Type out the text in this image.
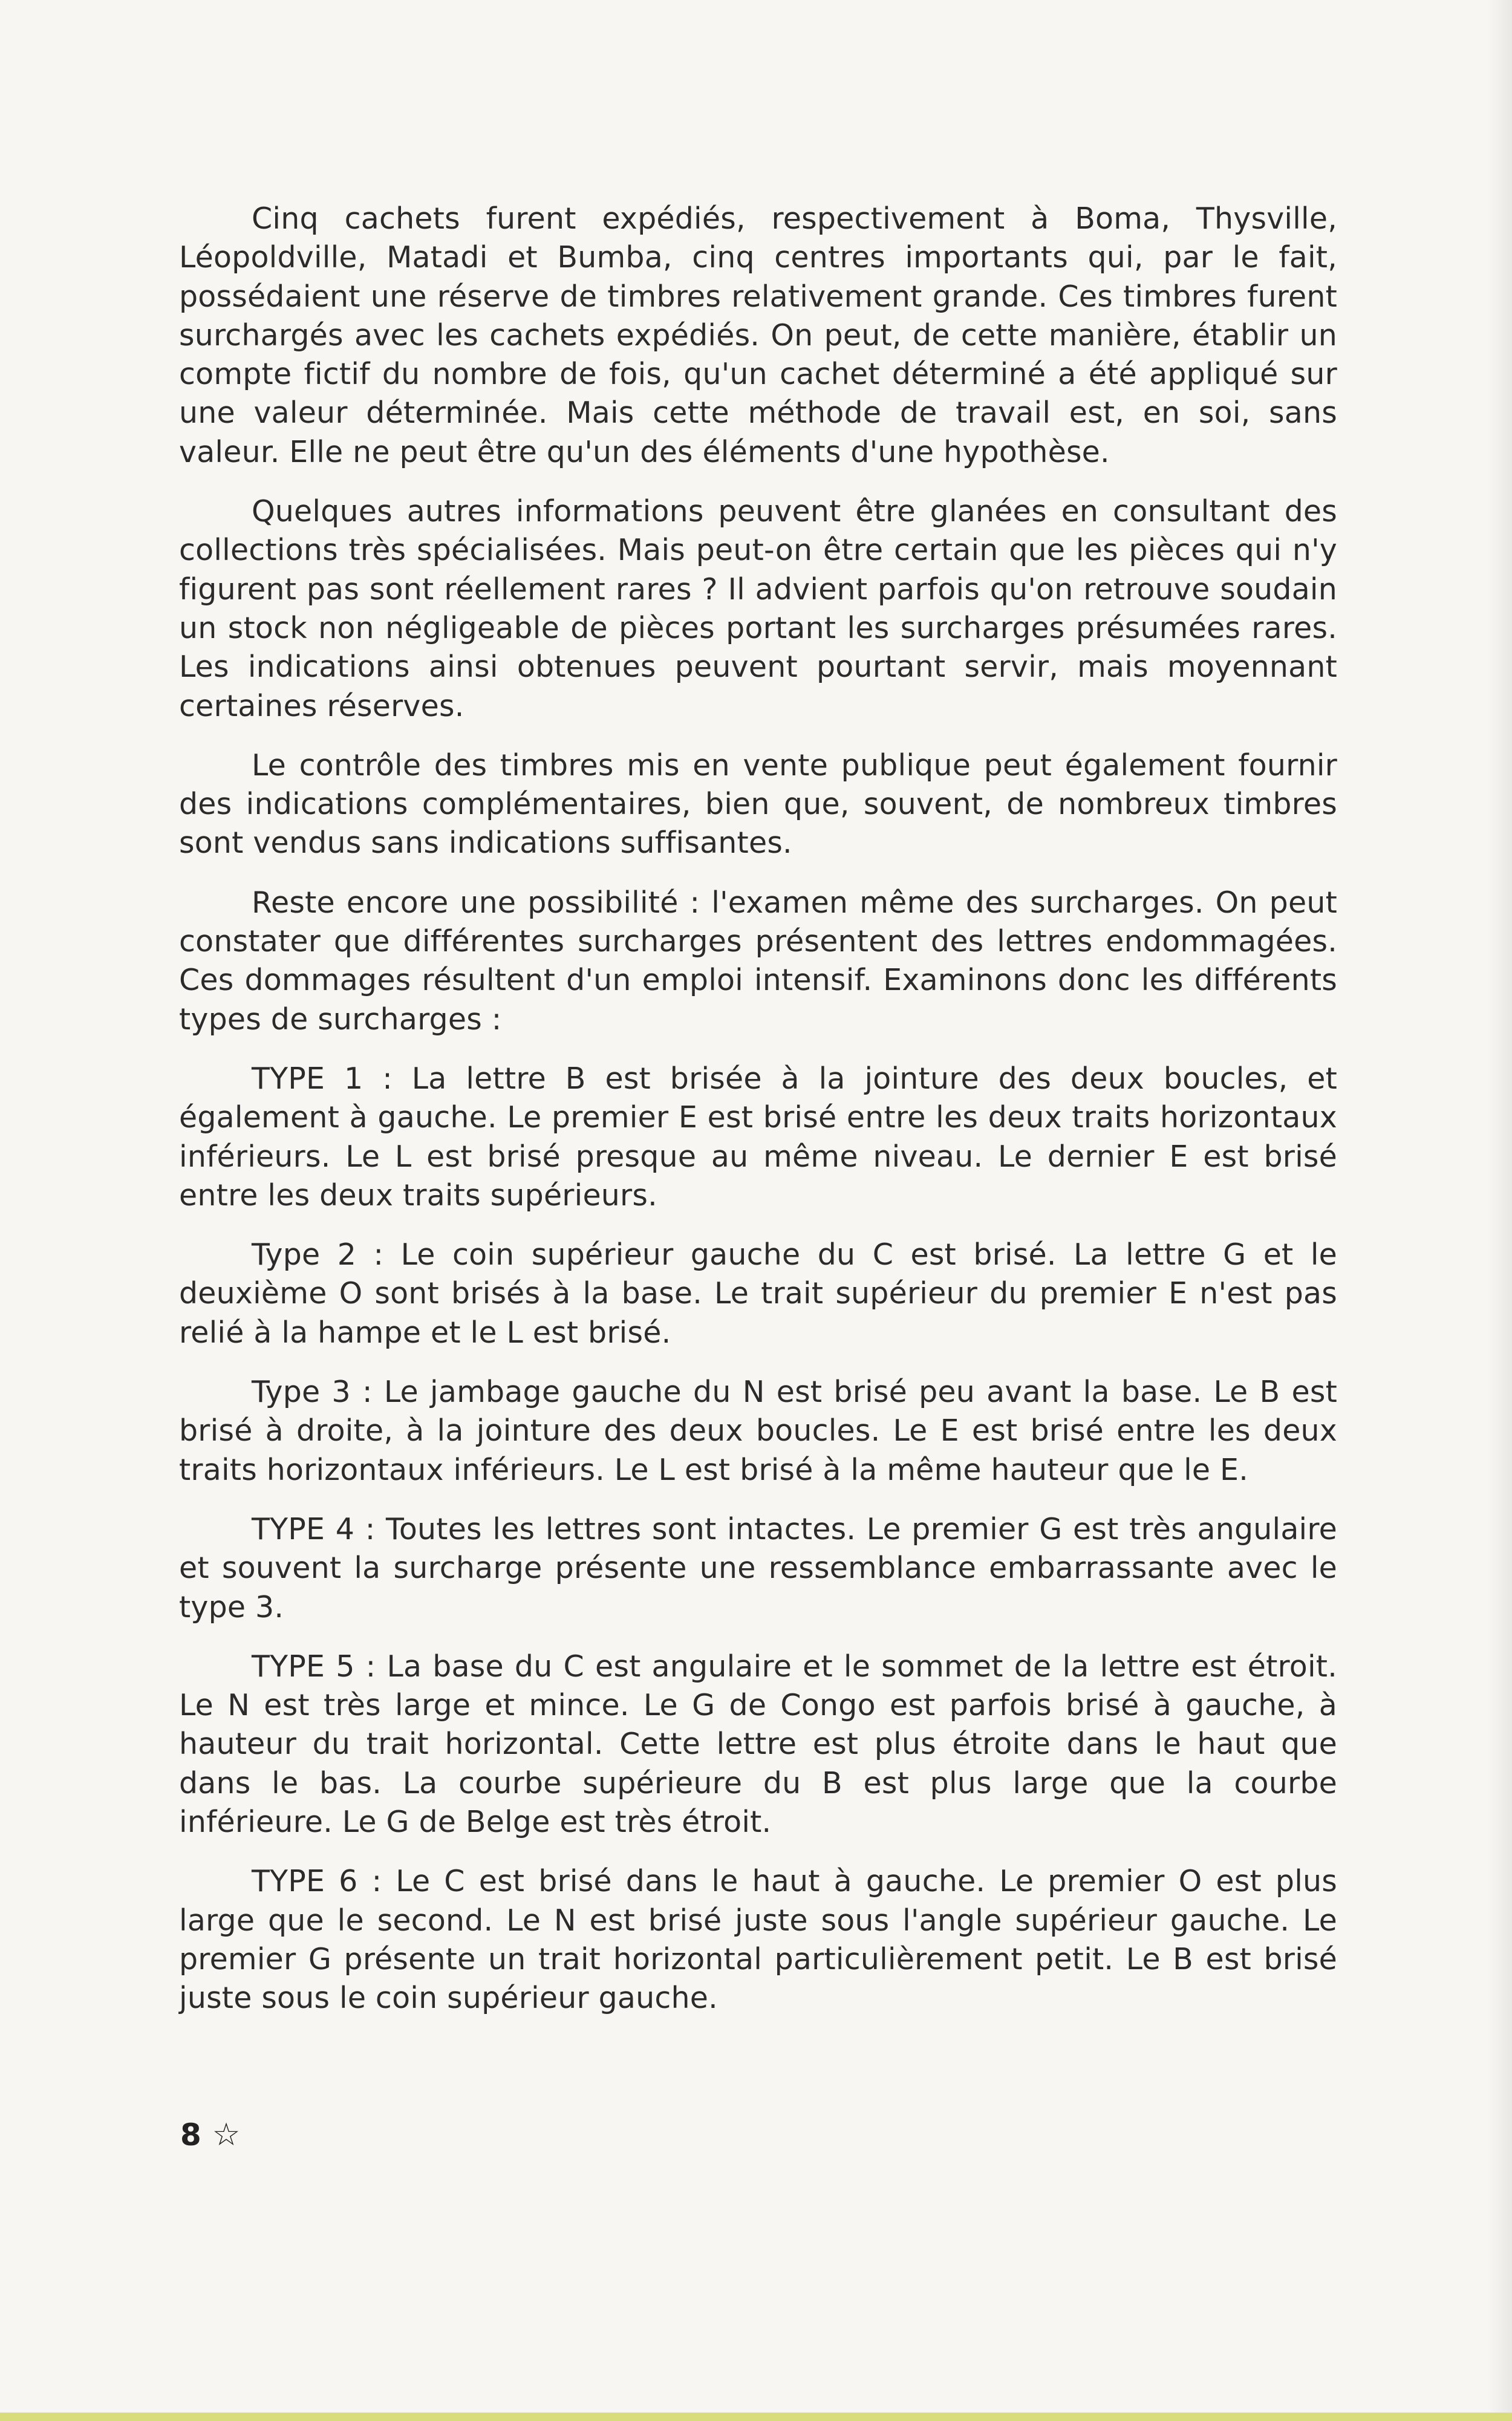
Cinq cachets furent expédiés, respectivement à Boma, Thysville, Léopoldville, Matadi et Bumba, cinq centres importants qui, par le fait, possédaient une réserve de timbres relativement grande. Ces timbres furent surchargés avec les cachets expédiés. On peut, de cette manière, établir un compte fictif du nombre de fois, qu'un cachet déterminé a été appliqué sur une valeur déterminée. Mais cette méthode de travail est, en soi, sans valeur. Elle ne peut être qu'un des éléments d'une hypothèse.

Quelques autres informations peuvent être glanées en consultant des collections très spécialisées. Mais peut-on être certain que les pièces qui n'y figurent pas sont réellement rares ? Il advient parfois qu'on retrouve soudain un stock non négligeable de pièces portant les surcharges présumées rares. Les indications ainsi obtenues peuvent pourtant servir, mais moyennant certaines réserves.

Le contrôle des timbres mis en vente publique peut également fournir des indications complémentaires, bien que, souvent, de nombreux timbres sont vendus sans indications suffisantes.

Reste encore une possibilité : l'examen même des surcharges. On peut constater que différentes surcharges présentent des lettres endommagées. Ces dommages résultent d'un emploi intensif. Examinons donc les différents types de surcharges :

TYPE 1 : La lettre B est brisée à la jointure des deux boucles, et également à gauche. Le premier E est brisé entre les deux traits horizontaux inférieurs. Le L est brisé presque au même niveau. Le dernier E est brisé entre les deux traits supérieurs.

Type 2 : Le coin supérieur gauche du C est brisé. La lettre G et le deuxième O sont brisés à la base. Le trait supérieur du premier E n'est pas relié à la hampe et le L est brisé.

Type 3 : Le jambage gauche du N est brisé peu avant la base. Le B est brisé à droite, à la jointure des deux boucles. Le E est brisé entre les deux traits horizontaux inférieurs. Le L est brisé à la même hauteur que le E.

TYPE 4 : Toutes les lettres sont intactes. Le premier G est très angulaire et souvent la surcharge présente une ressemblance embarrassante avec le type 3.

TYPE 5 : La base du C est angulaire et le sommet de la lettre est étroit. Le N est très large et mince. Le G de Congo est parfois brisé à gauche, à hauteur du trait horizontal. Cette lettre est plus étroite dans le haut que dans le bas. La courbe supérieure du B est plus large que la courbe inférieure. Le G de Belge est très étroit.

TYPE 6 : Le C est brisé dans le haut à gauche. Le premier O est plus large que le second. Le N est brisé juste sous l'angle supérieur gauche. Le premier G présente un trait horizontal particulièrement petit. Le B est brisé juste sous le coin supérieur gauche.

8 ☆
